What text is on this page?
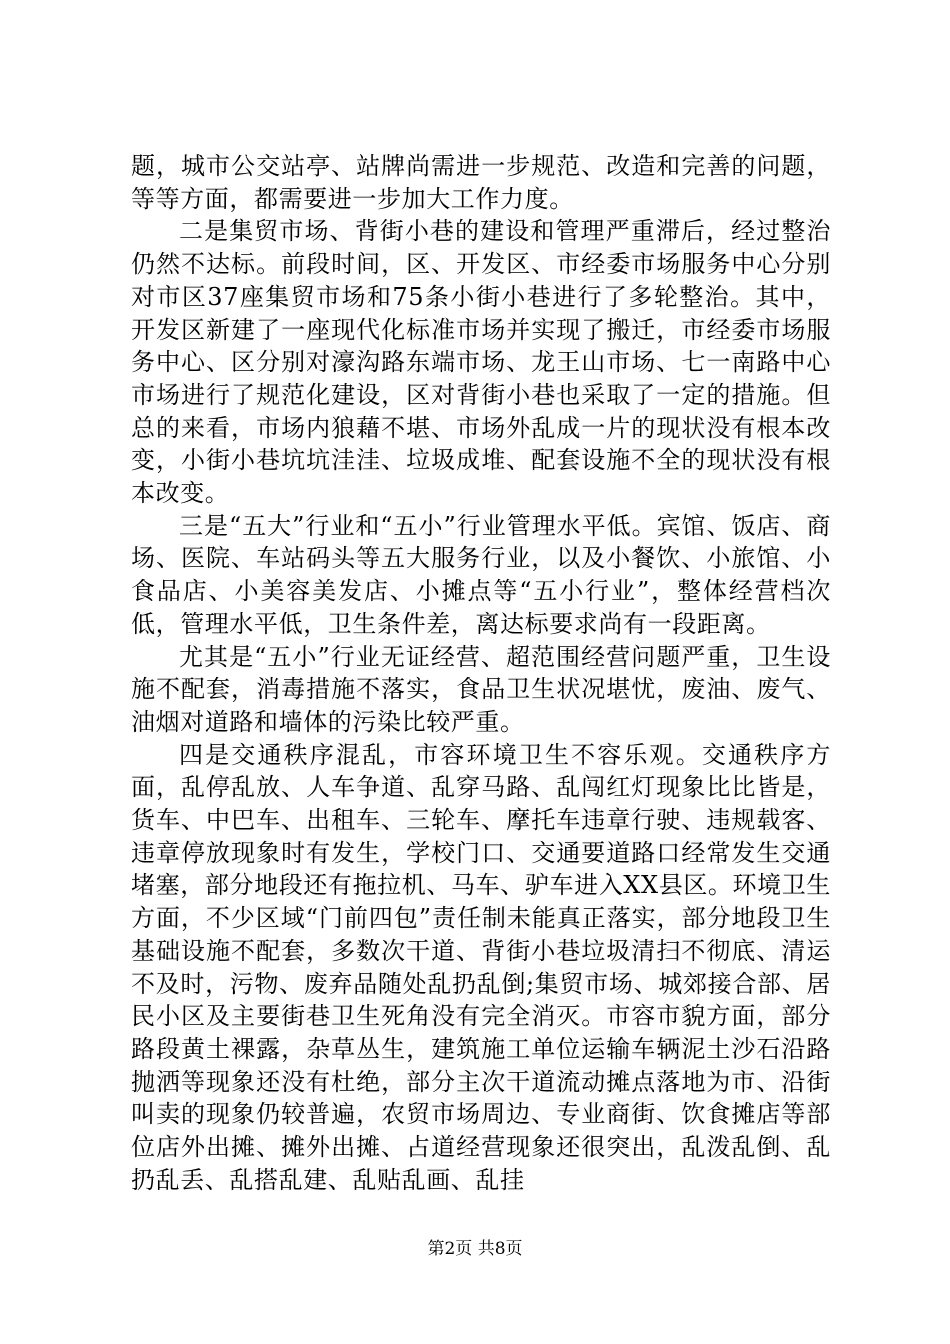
题，城市公交站亭、站牌尚需进一步规范、改造和完善的问题，等等方面，都需要进一步加大工作力度。

二是集贸市场、背街小巷的建设和管理严重滞后，经过整治仍然不达标。前段时间，区、开发区、市经委市场服务中心分别对市区37座集贸市场和75条小街小巷进行了多轮整治。其中，开发区新建了一座现代化标准市场并实现了搬迁，市经委市场服务中心、区分别对濠沟路东端市场、龙王山市场、七一南路中心市场进行了规范化建设，区对背街小巷也采取了一定的措施。但总的来看，市场内狼藉不堪、市场外乱成一片的现状没有根本改变，小街小巷坑坑洼洼、垃圾成堆、配套设施不全的现状没有根本改变。

三是“五大”行业和“五小”行业管理水平低。宾馆、饭店、商场、医院、车站码头等五大服务行业，以及小餐饮、小旅馆、小食品店、小美容美发店、小摊点等“五小行业”，整体经营档次低，管理水平低，卫生条件差，离达标要求尚有一段距离。

尤其是“五小”行业无证经营、超范围经营问题严重，卫生设施不配套，消毒措施不落实，食品卫生状况堪忧，废油、废气、油烟对道路和墙体的污染比较严重。

四是交通秩序混乱，市容环境卫生不容乐观。交通秩序方面，乱停乱放、人车争道、乱穿马路、乱闯红灯现象比比皆是，货车、中巴车、出租车、三轮车、摩托车违章行驶、违规载客、违章停放现象时有发生，学校门口、交通要道路口经常发生交通堵塞，部分地段还有拖拉机、马车、驴车进入XX县区。环境卫生方面，不少区域“门前四包”责任制未能真正落实，部分地段卫生基础设施不配套，多数次干道、背街小巷垃圾清扫不彻底、清运不及时，污物、废弃品随处乱扔乱倒;集贸市场、城郊接合部、居民小区及主要街巷卫生死角没有完全消灭。市容市貌方面，部分路段黄土裸露，杂草丛生，建筑施工单位运输车辆泥土沙石沿路抛洒等现象还没有杜绝，部分主次干道流动摊点落地为市、沿街叫卖的现象仍较普遍，农贸市场周边、专业商街、饮食摊店等部位店外出摊、摊外出摊、占道经营现象还很突出，乱泼乱倒、乱扔乱丢、乱搭乱建、乱贴乱画、乱挂

第2页 共8页
